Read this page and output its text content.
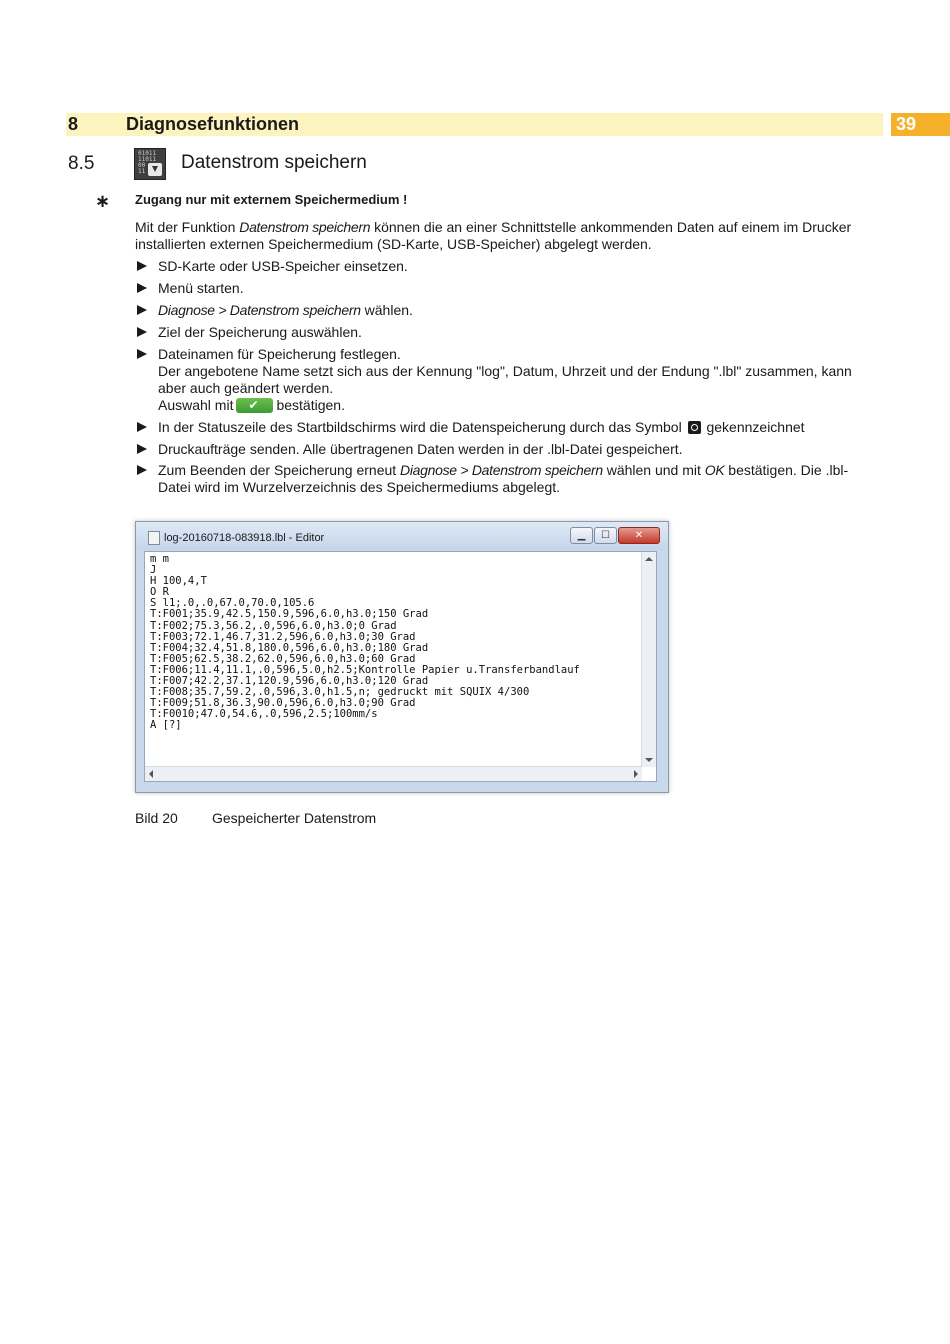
8	Diagnosefunktionen	39
8.5	01011
11011
00
11	Datenstrom speichern
∗ Zugang nur mit externem Speichermedium !
Mit der Funktion Datenstrom speichern können die an einer Schnittstelle ankommenden Daten auf einem im Drucker installierten externen Speichermedium (SD-Karte, USB-Speicher) abgelegt werden.
SD-Karte oder USB-Speicher einsetzen.
Menü starten.
Diagnose > Datenstrom speichern wählen.
Ziel der Speicherung auswählen.
Dateinamen für Speicherung festlegen.
Der angebotene Name setzt sich aus der Kennung "log", Datum, Uhrzeit und der Endung ".lbl" zusammen, kann aber auch geändert werden.
Auswahl mit✔	bestätigen.
In der Statuszeile des Startbildschirms wird die Datenspeicherung durch das Symbol gekennzeichnet
Druckaufträge senden. Alle übertragenen Daten werden in der .lbl-Datei gespeichert.
Zum Beenden der Speicherung erneut Diagnose > Datenstrom speichern wählen und mit OK bestätigen. Die .lbl-Datei wird im Wurzelverzeichnis des Speichermediums abgelegt.
log-20160718-083918.lbl - Editor	▁ ☐ ✕
m m
J
H 100,4,T
O R
S l1;.0,.0,67.0,70.0,105.6
T:F001;35.9,42.5,150.9,596,6.0,h3.0;150 Grad
T:F002;75.3,56.2,.0,596,6.0,h3.0;0 Grad
T:F003;72.1,46.7,31.2,596,6.0,h3.0;30 Grad
T:F004;32.4,51.8,180.0,596,6.0,h3.0;180 Grad
T:F005;62.5,38.2,62.0,596,6.0,h3.0;60 Grad
T:F006;11.4,11.1,.0,596,5.0,h2.5;Kontrolle Papier u.Transferbandlauf
T:F007;42.2,37.1,120.9,596,6.0,h3.0;120 Grad
T:F008;35.7,59.2,.0,596,3.0,h1.5,n; gedruckt mit SQUIX 4/300
T:F009;51.8,36.3,90.0,596,6.0,h3.0;90 Grad
T:F0010;47.0,54.6,.0,596,2.5;100mm/s
A [?]
Bild 20 Gespeicherter Datenstrom
